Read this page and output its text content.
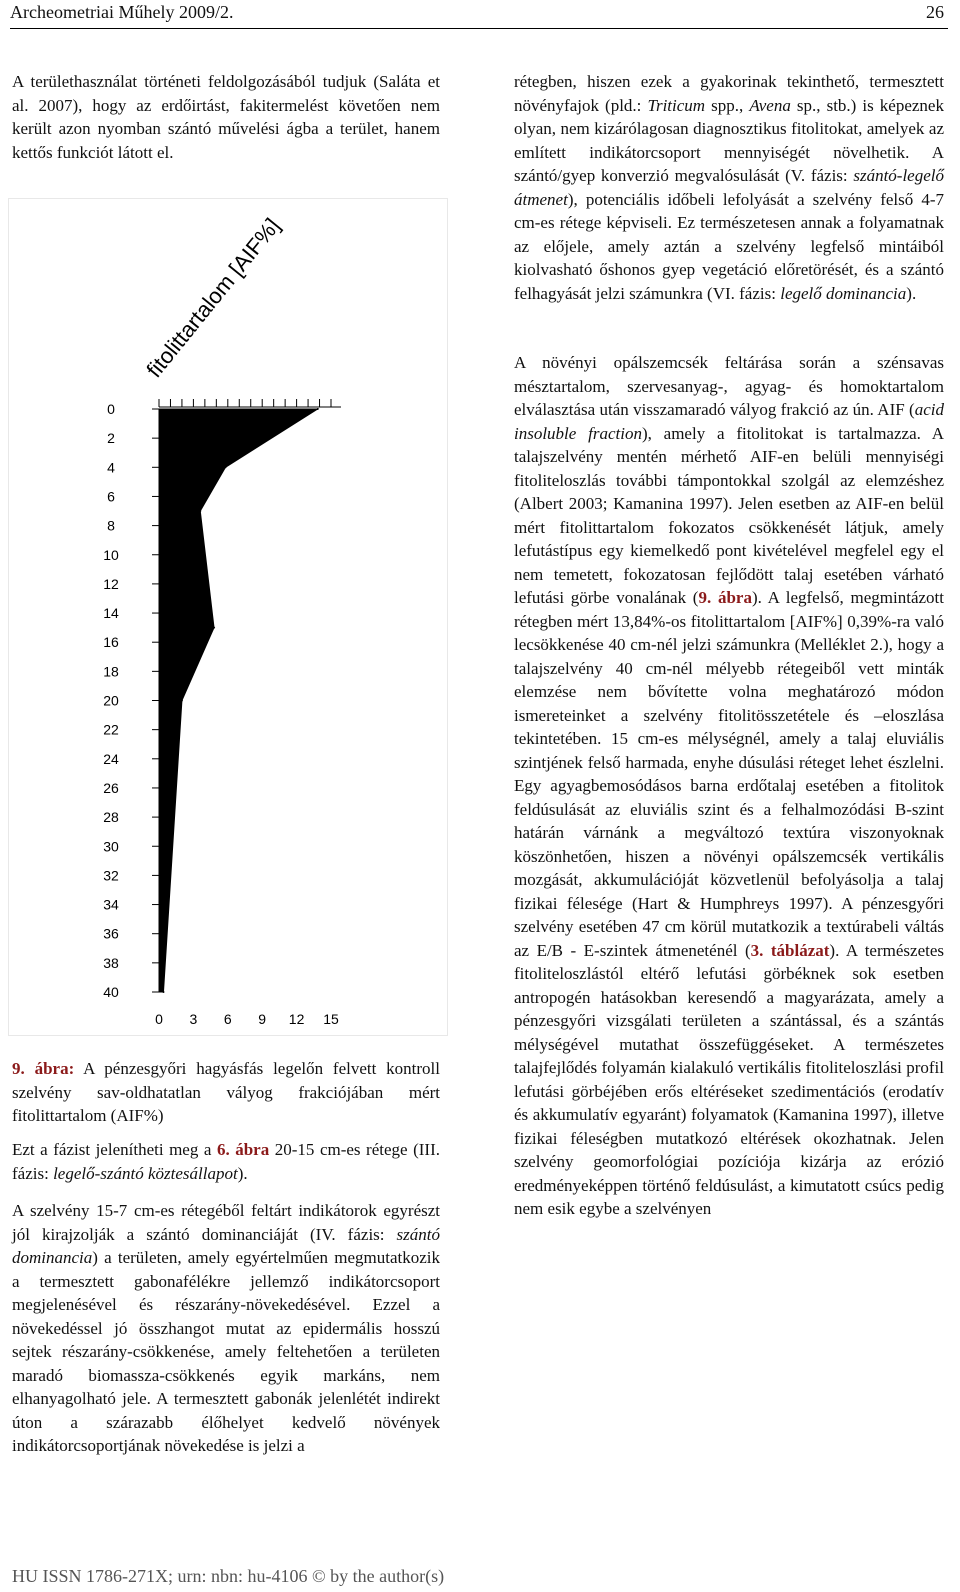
Archeometriai Műhely 2009/2.	26

A területhasználat történeti feldolgozásából tudjuk (Saláta et al. 2007), hogy az erdőirtást, fakitermelést követően nem került azon nyomban szántó művelési ágba a terület, hanem kettős funkciót látott el.

fitolittartalom [AIF%]
0
2
4
6
8
10
12
14
16
18
20
22
24
26
28
30
32
34
36
38
40
0 3 6 9 12 15

9. ábra: A pénzesgyőri hagyásfás legelőn felvett kontroll szelvény sav-oldhatatlan vályog frakciójában mért fitolittartalom (AIF%)

Ezt a fázist jelenítheti meg a 6. ábra 20-15 cm-es rétege (III. fázis: legelő-szántó köztesállapot).

A szelvény 15-7 cm-es rétegéből feltárt indikátorok egyrészt jól kirajzolják a szántó dominanciáját (IV. fázis: szántó dominancia) a területen, amely egyértelműen megmutatkozik a termesztett gabonafélékre jellemző indikátorcsoport megjelenésével és részarány-növekedésével. Ezzel a növekedéssel jó összhangot mutat az epidermális hosszú sejtek részarány-csökkenése, amely feltehetően a területen maradó biomassza-csökkenés egyik markáns, nem elhanyagolható jele. A termesztett gabonák jelenlétét indirekt úton a szárazabb élőhelyet kedvelő növények indikátorcsoportjának növekedése is jelzi a

rétegben, hiszen ezek a gyakorinak tekinthető, termesztett növényfajok (pld.: Triticum spp., Avena sp., stb.) is képeznek olyan, nem kizárólagosan diagnosztikus fitolitokat, amelyek az említett indikátorcsoport mennyiségét növelhetik. A szántó/gyep konverzió megvalósulását (V. fázis: szántó-legelő átmenet), potenciális időbeli lefolyását a szelvény felső 4-7 cm-es rétege képviseli. Ez természetesen annak a folyamatnak az előjele, amely aztán a szelvény legfelső mintáiból kiolvasható őshonos gyep vegetáció előretörését, és a szántó felhagyását jelzi számunkra (VI. fázis: legelő dominancia).

A növényi opálszemcsék feltárása során a szénsavas mésztartalom, szervesanyag-, agyag- és homoktartalom elválasztása után visszamaradó vályog frakció az ún. AIF (acid insoluble fraction), amely a fitolitokat is tartalmazza. A talajszelvény mentén mérhető AIF-en belüli mennyiségi fitoliteloszlás további támpontokkal szolgál az elemzéshez (Albert 2003; Kamanina 1997). Jelen esetben az AIF-en belül mért fitolittartalom fokozatos csökkenését látjuk, amely lefutástípus egy kiemelkedő pont kivételével megfelel egy el nem temetett, fokozatosan fejlődött talaj esetében várható lefutási görbe vonalának (9. ábra). A legfelső, megmintázott rétegben mért 13,84%-os fitolittartalom [AIF%] 0,39%-ra való lecsökkenése 40 cm-nél jelzi számunkra (Melléklet 2.), hogy a talajszelvény 40 cm-nél mélyebb rétegeiből vett minták elemzése nem bővítette volna meghatározó módon ismereteinket a szelvény fitolitösszetétele és –eloszlása tekintetében. 15 cm-es mélységnél, amely a talaj eluviális szintjének felső harmada, enyhe dúsulási réteget lehet észlelni. Egy agyagbemosódásos barna erdőtalaj esetében a fitolitok feldúsulását az eluviális szint és a felhalmozódási B-szint határán várnánk a megváltozó textúra viszonyoknak köszönhetően, hiszen a növényi opálszemcsék vertikális mozgását, akkumulációját közvetlenül befolyásolja a talaj fizikai félesége (Hart & Humphreys 1997). A pénzesgyőri szelvény esetében 47 cm körül mutatkozik a textúrabeli váltás az E/B - E-szintek átmeneténél (3. táblázat). A természetes fitoliteloszlástól eltérő lefutási görbéknek sok esetben antropogén hatásokban keresendő a magyarázata, amely a pénzesgyőri vizsgálati területen a szántással, és a szántás mélységével mutathat összefüggéseket. A természetes talajfejlődés folyamán kialakuló vertikális fitoliteloszlási profil lefutási görbéjében erős eltéréseket szedimentációs (erodatív és akkumulatív egyaránt) folyamatok (Kamanina 1997), illetve fizikai féleségben mutatkozó eltérések okozhatnak. Jelen szelvény geomorfológiai pozíciója kizárja az erózió eredményeképpen történő feldúsulást, a kimutatott csúcs pedig nem esik egybe a szelvényen

HU ISSN 1786-271X; urn: nbn: hu-4106 © by the author(s)
